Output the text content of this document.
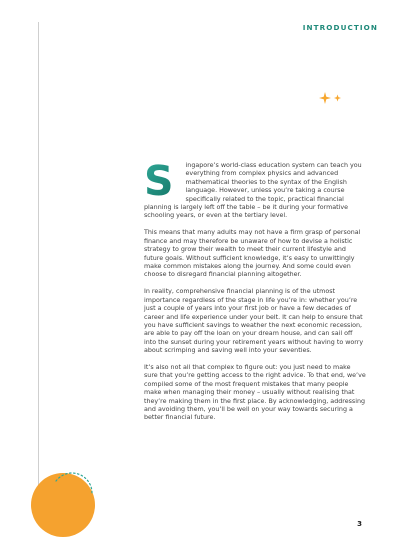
INTRODUCTION

S ingapore’s world-class education system can teach you everything from complex physics and advanced mathematical theories to the syntax of the English language. However, unless you’re taking a course specifically related to the topic, practical financial planning is largely left off the table – be it during your formative schooling years, or even at the tertiary level.

This means that many adults may not have a firm grasp of personal finance and may therefore be unaware of how to devise a holistic strategy to grow their wealth to meet their current lifestyle and future goals. Without sufficient knowledge, it’s easy to unwittingly make common mistakes along the journey. And some could even choose to disregard financial planning altogether.

In reality, comprehensive financial planning is of the utmost importance regardless of the stage in life you’re in: whether you’re just a couple of years into your first job or have a few decades of career and life experience under your belt. It can help to ensure that you have sufficient savings to weather the next economic recession, are able to pay off the loan on your dream house, and can sail off into the sunset during your retirement years without having to worry about scrimping and saving well into your seventies.

It’s also not all that complex to figure out: you just need to make sure that you’re getting access to the right advice. To that end, we’ve compiled some of the most frequent mistakes that many people make when managing their money – usually without realising that they’re making them in the first place. By acknowledging, addressing and avoiding them, you’ll be well on your way towards securing a better financial future.

3
